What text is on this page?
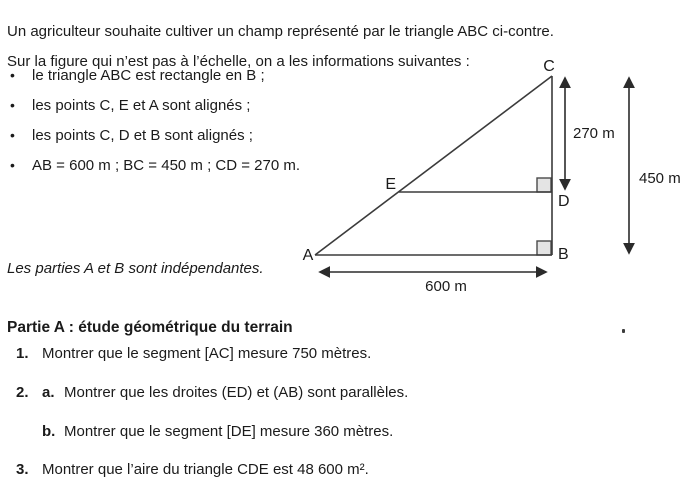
Un agriculteur souhaite cultiver un champ représenté par le triangle ABC ci-contre.

Sur la figure qui n’est pas à l’échelle, on a les informations suivantes :

•	le triangle ABC est rectangle en B ;
•	les points C, E et A sont alignés ;
•	les points C, D et B sont alignés ;
•	AB = 600 m ; BC = 450 m ; CD = 270 m.

Les parties A et B sont indépendantes.

Partie A : étude géométrique du terrain

1. Montrer que le segment [AC] mesure 750 mètres.
2. a. Montrer que les droites (ED) et (AB) sont parallèles.
b. Montrer que le segment [DE] mesure 360 mètres.
3. Montrer que l’aire du triangle CDE est 48 600 m².
C
A	B
D
E
270 m
450 m
600 m
